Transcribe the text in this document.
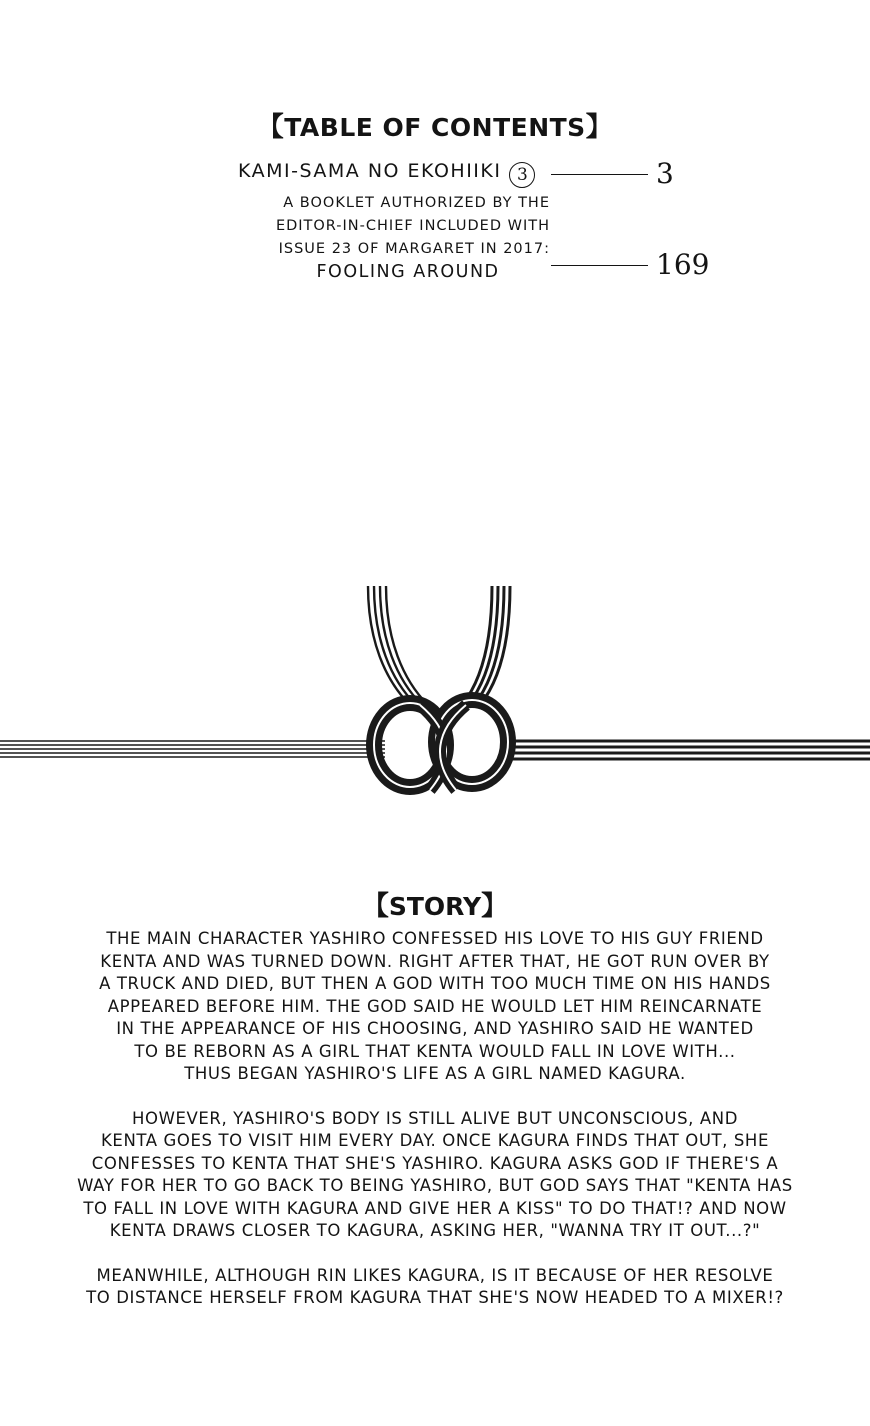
【TABLE OF CONTENTS】
KAMI-SAMA NO EKOHIIKI 3	3
A BOOKLET AUTHORIZED BY THE
EDITOR-IN-CHIEF INCLUDED WITH
ISSUE 23 OF MARGARET IN 2017:
FOOLING AROUND	169
【STORY】

THE MAIN CHARACTER YASHIRO CONFESSED HIS LOVE TO HIS GUY FRIEND
KENTA AND WAS TURNED DOWN. RIGHT AFTER THAT, HE GOT RUN OVER BY
A TRUCK AND DIED, BUT THEN A GOD WITH TOO MUCH TIME ON HIS HANDS
APPEARED BEFORE HIM. THE GOD SAID HE WOULD LET HIM REINCARNATE
IN THE APPEARANCE OF HIS CHOOSING, AND YASHIRO SAID HE WANTED
TO BE REBORN AS A GIRL THAT KENTA WOULD FALL IN LOVE WITH...
THUS BEGAN YASHIRO'S LIFE AS A GIRL NAMED KAGURA.

HOWEVER, YASHIRO'S BODY IS STILL ALIVE BUT UNCONSCIOUS, AND
KENTA GOES TO VISIT HIM EVERY DAY. ONCE KAGURA FINDS THAT OUT, SHE
CONFESSES TO KENTA THAT SHE'S YASHIRO. KAGURA ASKS GOD IF THERE'S A
WAY FOR HER TO GO BACK TO BEING YASHIRO, BUT GOD SAYS THAT "KENTA HAS
TO FALL IN LOVE WITH KAGURA AND GIVE HER A KISS" TO DO THAT!? AND NOW
KENTA DRAWS CLOSER TO KAGURA, ASKING HER, "WANNA TRY IT OUT...?"

MEANWHILE, ALTHOUGH RIN LIKES KAGURA, IS IT BECAUSE OF HER RESOLVE
TO DISTANCE HERSELF FROM KAGURA THAT SHE'S NOW HEADED TO A MIXER!?
